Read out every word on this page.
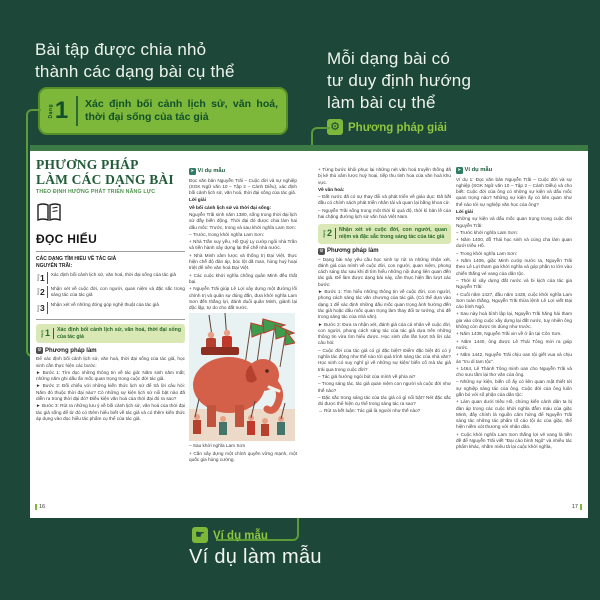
Bài tập được chia nhỏ
thành các dạng bài cụ thể
Mỗi dạng bài có
tư duy định hướng
làm bài cụ thể
Dạng 1 Xác định bối cảnh lịch sử, văn hoá, thời đại sống của tác giả
⚙ Phương pháp giải
PHƯƠNG PHÁP
LÀM CÁC DẠNG BÀI
THEO ĐỊNH HƯỚNG PHÁT TRIỂN NĂNG LỰC
ĐỌC HIỂU
CÁC DẠNG TÌM HIỂU VỀ TÁC GIẢ
NGUYỄN TRÃI:
Dạng 1 Xác định bối cảnh lịch sử, văn hoá, thời đại sống của tác giả

Dạng 2 Nhận xét về cuộc đời, con người, quan niệm và đặc sắc trong sáng tác của tác giả

Dạng 3 Nhận xét về những đóng góp nghệ thuật của tác giả

Dạng 1	Xác định bối cảnh lịch sử, văn hoá, thời đại sống của tác giả
⚙ Phương pháp làm

Để xác định bối cảnh lịch sử, văn hoá, thời đại sống của tác giả, học sinh cần thực hiện các bước:

► Bước 1: Tìm đọc những thông tin về tác giả: Năm sinh năm mất; những năm ghi dấu ấn mốc quan trọng trong cuộc đời tác giả.

► Bước 2: Đối chiếu với những kiến thức lịch sử để trả lời câu hỏi: Năm đó thuộc thời đại nào? Có những sự kiện lịch sử nổi bật nào đã diễn ra trong thời đại đó? Điều kiện văn hoá của thời đại đó ra sao?

► Bước 3: Rút ra những lưu ý về bối cảnh lịch sử, văn hoá của thời đại tác giả sống để từ đó có thêm hiểu biết về tác giả và có thêm kiến thức áp dụng vào đọc hiểu tác phẩm cụ thể của tác giả.

➤ Ví dụ mẫu

Đọc văn bản Nguyễn Trãi – Cuộc đời và sự nghiệp (SGK Ngữ văn 10 – Tập 2 – Cánh Diều), xác định bối cảnh lịch sử, văn hoá, thời đại sống của tác giả.

Lời giải

Về bối cảnh lịch sử và thời đại sống:

Nguyễn Trãi sinh năm 1380, sống trong thời đại lịch sử đầy biến động. Thời đại đó được chia làm hai dấu mốc: Trước, trong và sau khởi nghĩa Lam Sơn:

– Trước, trong khởi nghĩa Lam Sơn:

+ Nhà Trần suy yếu, Hồ Quý Ly cướp ngôi nhà Trần và tiến hành xây dựng lại thể chế nhà nước.

+ Nhà Minh xâm lược và thống trị Đại Việt, thực hiện chế độ đàn áp, bóc lột dã man, hòng huỷ hoại triệt để nền văn hoá Đại Việt.

+ Các cuộc khởi nghĩa chống quân Minh đều thất bại.

+ Nguyễn Trãi giúp Lê Lợi xây dựng một đường lối chính trị và quân sự đúng đắn, đưa khởi nghĩa Lam Sơn đến thắng lợi, đánh đuổi quân Minh, giành lại độc lập, tự do cho đất nước.

– Sau khởi nghĩa Lam Sơn

+ Cần xây dựng một chính quyền vững mạnh, một quốc gia hùng cường.

+ Từng bước khôi phục lại những nét văn hoá truyền thống đã bị kẻ thù xâm lược huỷ hoại, tiếp thu tinh hoa của văn hoá khu vực.

Về văn hoá:

– Đất nước đã có sự thay đổi và phát triển về giáo dục: Đã bắt đầu có chính sách phát triển nhân tài và quan lại bằng khoa cử.

– Nguyễn Trãi sống trong một thời kì quá độ, thời kì bản lề của hai chặng đường lịch sử văn hoá Việt Nam.

Dạng 2	Nhận xét về cuộc đời, con người, quan niệm và đặc sắc trong sáng tác của tác giả
⚙ Phương pháp làm

– Dạng bài này yêu cầu học sinh tự rút ra những nhận xét, đánh giá của mình về cuộc đời, con người, quan niệm, phong cách sáng tác sau khi đi tìm hiểu những nội dung liên quan đến tác giả. Để làm được dạng bài này, cần thực hiện lần lượt các bước:

► Bước 1: Tìm hiểu những thông tin về cuộc đời, con người, phong cách sáng tác văn chương của tác giả. (Có thể dựa vào dạng 1 để xác định những dấu mốc quan trọng ảnh hưởng đến tác giả hoặc dấu mốc quan trọng làm thay đổi tư tưởng, chủ đề trong sáng tác của nhà văn).

► Bước 2: Đưa ra nhận xét, đánh giá của cá nhân về cuộc đời, con người, phong cách sáng tác của tác giả dựa trên những thông tin vừa tìm hiểu được. Học sinh cần lần lượt trả lời các câu hỏi:

– Cuộc đời của tác giả có gì đặc biệt? Điểm đặc biệt đó có ý nghĩa tác động như thế nào tới quá trình sáng tác của nhà văn? Học sinh có suy nghĩ gì về những sự kiện/ biến cố mà tác giả trải qua trong cuộc đời?

– Tác giả hướng ngòi bút của mình về phía ai?

– Trong sáng tác, tác giả quan niệm con người và cuộc đời như thế nào?

– Đặc sắc trong sáng tác của tác giả có gì nổi bật? Nét đặc sắc đó được thể hiện cụ thể trong sáng tác ra sao?

→ Rút ra kết luận: Tác giả là người như thế nào?

➤ Ví dụ mẫu

Ví dụ 1: Đọc văn bản Nguyễn Trãi – Cuộc đời và sự nghiệp (SGK Ngữ văn 10 – Tập 2 – Cánh Diều) và cho biết: Cuộc đời của ông có những sự kiện và dấu mốc quan trọng nào? Những sự kiện ấy có liên quan như thế nào tới sự nghiệp văn học của ông?

Lời giải

Những sự kiện và dấu mốc quan trọng trong cuộc đời Nguyễn Trãi:

– Trước khởi nghĩa Lam Sơn:

+ Năm 1400, đỗ Thái học sinh và cùng cha làm quan dưới triều Hồ.

– Trong khởi nghĩa Lam Sơn:

+ Năm 1406, giặc Minh cướp nước ta, Nguyễn Trãi theo Lê Lợi tham gia khởi nghĩa và góp phần to lớn vào chiến thắng vẻ vang của dân tộc.

– Thời kì xây dựng đất nước và bi kịch của tác gia Nguyễn Trãi:

+ Cuối năm 1427, đầu năm 1428, cuộc khởi nghĩa Lam Sơn toàn thắng, Nguyễn Trãi thừa lệnh Lê Lợi viết Đại cáo bình Ngô.

+ Sau này hoà bình lập lại, Nguyễn Trãi hăng hái tham gia vào công cuộc xây dựng lại đất nước, tuy nhiên ông không còn được tin dùng như trước.

+ Năm 1439, Nguyễn Trãi xin về ở ẩn tại Côn Sơn.

+ Năm 1440, ông được Lê Thái Tông mời ra giúp nước.

+ Năm 1442, Nguyễn Trãi chịu oan tội giết vua và chịu án “tru di tam tộc”.

+ 1464, Lê Thánh Tông minh oan cho Nguyễn Trãi và cho sưu tầm lại thơ văn của ông.

– Những sự kiện, biến cố ấy có liên quan mật thiết tới sự nghiệp sáng tác của ông. Cuộc đời của ông luôn gắn bó với số phận của dân tộc:

+ Làm quan dưới triều Hồ, chứng kiến cảnh dân ta bị đàn áp trong các cuộc khởi nghĩa đẫm máu của giặc Minh, đây chính là nguồn cảm hứng để Nguyễn Trãi sáng tác những tác phẩm tố cáo tội ác của giặc, thể hiện niềm xót thương với nhân dân.

+ Cuộc khởi nghĩa Lam Sơn thắng lợi vẻ vang là tiền đề để Nguyễn Trãi viết “Đại cáo bình Ngô” và nhiều tác phẩm khác, nhằm miêu tả lại cuộc khởi nghĩa,

16	17
☛ Ví dụ mẫu
Ví dụ làm mẫu
